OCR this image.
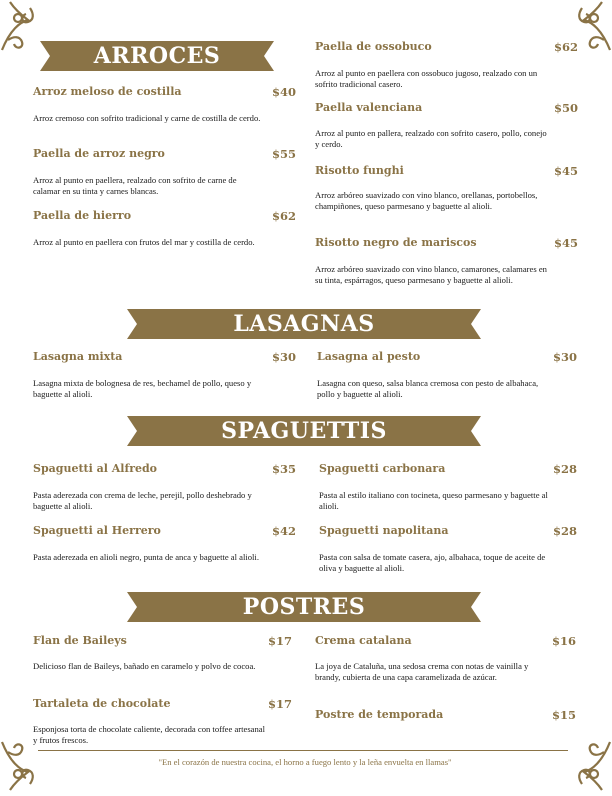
ARROCES
Arroz meloso de costilla	$40
Arroz cremoso con sofrito tradicional y carne de costilla de cerdo.
Paella de arroz negro	$55
Arroz al punto en paellera, realzado con sofrito de carne de calamar en su tinta y carnes blancas.
Paella de hierro	$62
Arroz al punto en paellera con frutos del mar y costilla de cerdo.
Paella de ossobuco	$62
Arroz al punto en paellera con ossobuco jugoso, realzado con un sofrito tradicional casero.
Paella valenciana	$50
Arroz al punto en pallera, realzado con sofrito casero, pollo, conejo y cerdo.
Risotto funghi	$45
Arroz arbóreo suavizado con vino blanco, orellanas, portobellos, champiñones, queso parmesano y baguette al alioli.
Risotto negro de mariscos	$45
Arroz arbóreo suavizado con vino blanco, camarones, calamares en su tinta, espárragos, queso parmesano y baguette al alioli.
LASAGNAS
Lasagna mixta	$30
Lasagna mixta de bolognesa de res, bechamel de pollo, queso y baguette al alioli.
Lasagna al pesto	$30
Lasagna con queso, salsa blanca cremosa con pesto de albahaca, pollo y baguette al alioli.
SPAGUETTIS
Spaguetti al Alfredo	$35
Pasta aderezada con crema de leche, perejil, pollo deshebrado y baguette al alioli.
Spaguetti al Herrero	$42
Pasta aderezada en alioli negro, punta de anca y baguette al alioli.
Spaguetti carbonara	$28
Pasta al estilo italiano con tocineta, queso parmesano y baguette al alioli.
Spaguetti napolitana	$28
Pasta con salsa de tomate casera, ajo, albahaca, toque de aceite de oliva y baguette al alioli.
POSTRES
Flan de Baileys	$17
Delicioso flan de Baileys, bañado en caramelo y polvo de cocoa.
Tartaleta de chocolate	$17
Esponjosa torta de chocolate caliente, decorada con toffee artesanal y frutos frescos.
Crema catalana	$16
La joya de Cataluña, una sedosa crema con notas de vainilla y brandy, cubierta de una capa caramelizada de azúcar.
Postre de temporada	$15
"En el corazón de nuestra cocina, el horno a fuego lento y la leña envuelta en llamas"
